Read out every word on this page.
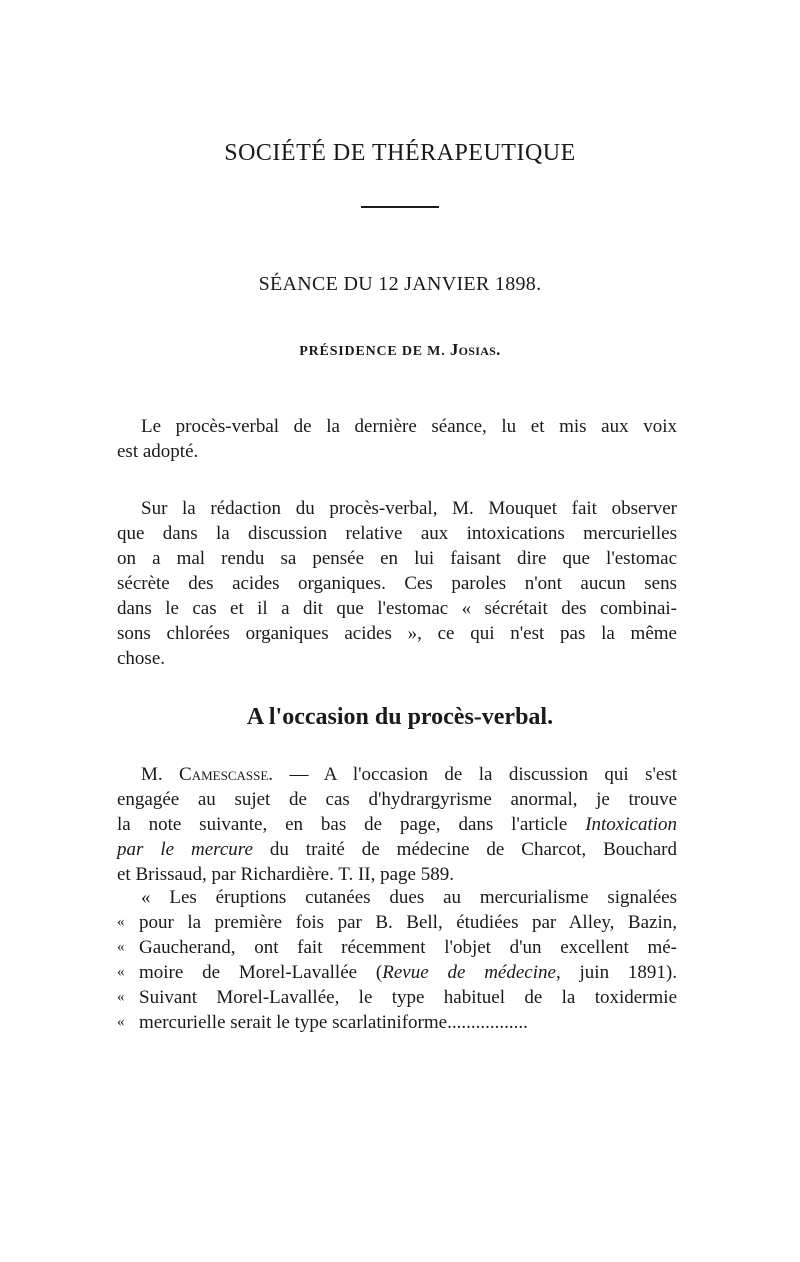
SOCIÉTÉ DE THÉRAPEUTIQUE
SÉANCE DU 12 JANVIER 1898.
PRÉSIDENCE DE M. Josias.
Le procès-verbal de la dernière séance, lu et mis aux voix
est adopté.
Sur la rédaction du procès-verbal, M. Mouquet fait observer
que dans la discussion relative aux intoxications mercurielles
on a mal rendu sa pensée en lui faisant dire que l'estomac
sécrète des acides organiques. Ces paroles n'ont aucun sens
dans le cas et il a dit que l'estomac « sécrétait des combinai-
sons chlorées organiques acides », ce qui n'est pas la même
chose.
A l'occasion du procès-verbal.
M. Camescasse. — A l'occasion de la discussion qui s'est
engagée au sujet de cas d'hydrargyrisme anormal, je trouve
la note suivante, en bas de page, dans l'article Intoxication
par le mercure du traité de médecine de Charcot, Bouchard
et Brissaud, par Richardière. T. II, page 589.
« Les éruptions cutanées dues au mercurialisme signalées
« pour la première fois par B. Bell, étudiées par Alley, Bazin,
« Gaucherand, ont fait récemment l'objet d'un excellent mé-
« moire de Morel-Lavallée (Revue de médecine, juin 1891).
« Suivant Morel-Lavallée, le type habituel de la toxidermie
« mercurielle serait le type scarlatiniforme.................
